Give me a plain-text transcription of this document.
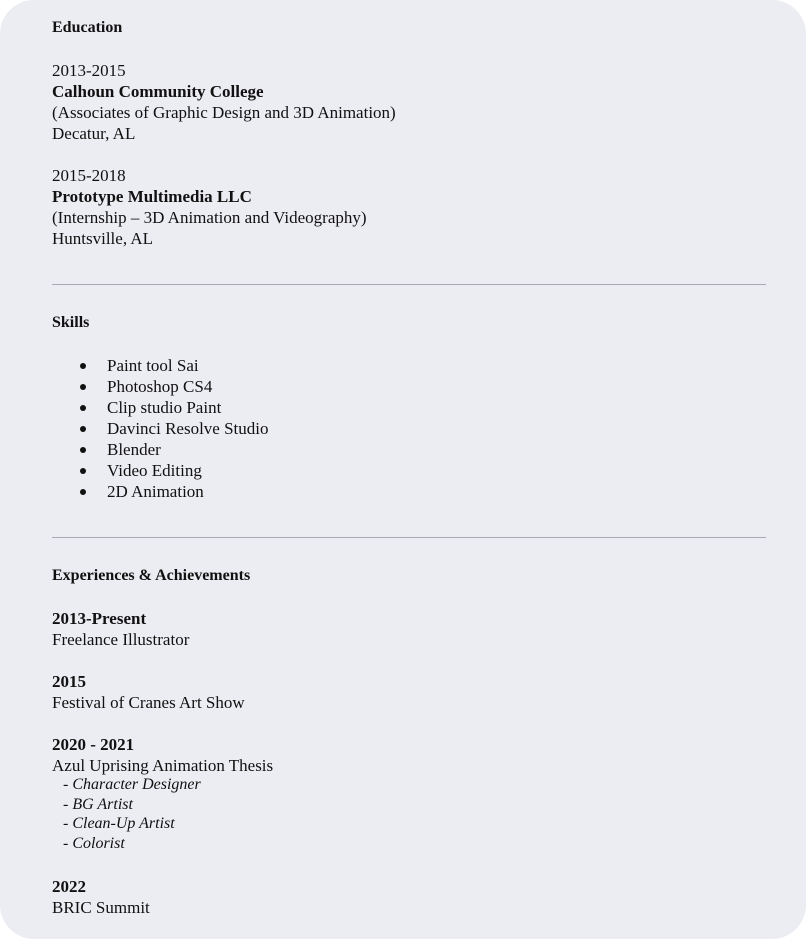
Education
2013-2015
Calhoun Community College
(Associates of Graphic Design and 3D Animation)
Decatur, AL
2015-2018
Prototype Multimedia LLC
(Internship – 3D Animation and Videography)
Huntsville, AL
Skills
Paint tool Sai
Photoshop CS4
Clip studio Paint
Davinci Resolve Studio
Blender
Video Editing
2D Animation
Experiences & Achievements
2013-Present
Freelance Illustrator
2015
Festival of Cranes Art Show
2020 - 2021
Azul Uprising Animation Thesis
- Character Designer
- BG Artist
- Clean-Up Artist
- Colorist
2022
BRIC Summit
